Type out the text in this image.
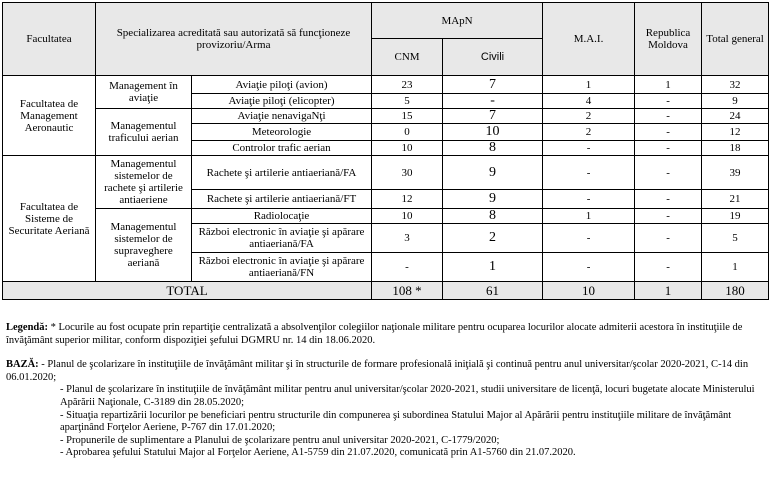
Facultatea	Specializarea acreditată sau autorizată să funcţioneze provizoriu/Arma		MApN		M.A.I.	Republica Moldova	Total general
			CNM	Civili			
Facultatea de Management Aeronautic	Management în aviaţie	Aviaţie piloţi (avion)	23	7	1	1	32
		Aviaţie piloţi (elicopter)	5	-	4	-	9
	Managementul traficului aerian	Aviaţie nenavigaNţi	15	7	2	-	24
		Meteorologie	0	10	2	-	12
		Controlor trafic aerian	10	8	-	-	18
Facultatea de Sisteme de Securitate Aeriană	Managementul sistemelor de rachete şi artilerie antiaeriene	Rachete şi artilerie antiaeriană/FA	30	9	-	-	39
		Rachete şi artilerie antiaeriană/FT	12	9	-	-	21
	Managementul sistemelor de supraveghere aeriană	Radiolocaţie	10	8	1	-	19
		Război electronic în aviaţie şi apărare antiaeriană/FA	3	2	-	-	5
		Război electronic în aviaţie şi apărare antiaeriană/FN	-	1	-	-	1
TOTAL			108 *	61	10	1	180

Legendă: * Locurile au fost ocupate prin repartiţie centralizată a absolvenţilor colegiilor naţionale militare pentru ocuparea locurilor alocate admiterii acestora în instituţiile de învăţământ superior militar, conform dispoziţiei şefului DGMRU nr. 14 din 18.06.2020.

BAZĂ: - Planul de şcolarizare în instituţiile de învăţământ militar şi în structurile de formare profesională iniţială şi continuă pentru anul universitar/şcolar 2020-2021, C-14 din 06.01.2020;

- Planul de şcolarizare în instituţiile de învăţământ militar pentru anul universitar/şcolar 2020-2021, studii universitare de licenţă, locuri bugetate alocate Ministerului Apărării Naţionale, C-3189 din 28.05.2020;

- Situaţia repartizării locurilor pe beneficiari pentru structurile din compunerea şi subordinea Statului Major al Apărării pentru instituţiile militare de învăţământ aparţinând Forţelor Aeriene, P-767 din 17.01.2020;

- Propunerile de suplimentare a Planului de şcolarizare pentru anul universitar 2020-2021, C-1779/2020;

- Aprobarea şefului Statului Major al Forţelor Aeriene, A1-5759 din 21.07.2020, comunicată prin A1-5760 din 21.07.2020.
